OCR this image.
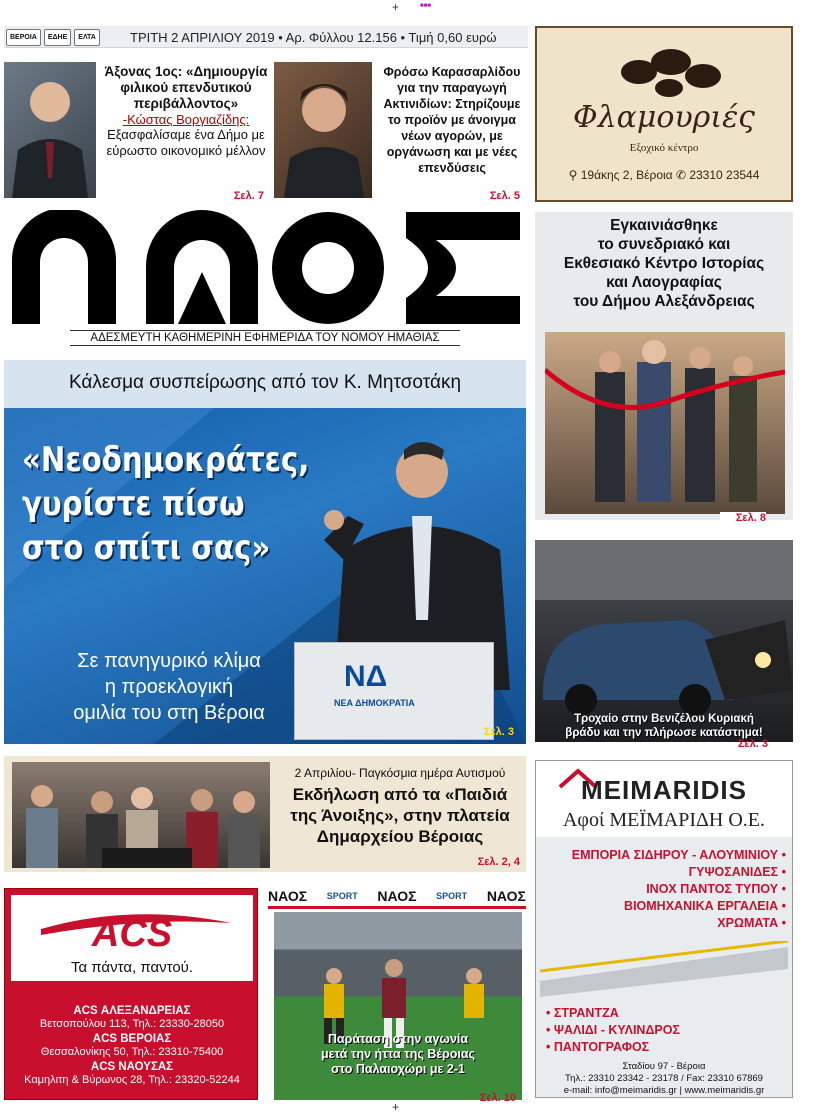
+	■■■
+
ΒΕΡΟΙΑ	ΕΔΗΕ	ΕΛΤΑ	ΤΡΙΤΗ 2 ΑΠΡΙΛΙΟΥ 2019 • Αρ. Φύλλου 12.156 • Τιμή 0,60 ευρώ
Άξονας 1ος: «Δημιουργία φιλικού επενδυτικού περιβάλλοντος»
-Κώστας Βοργιαζίδης:
Εξασφαλίσαμε ένα Δήμο με εύρωστο οικονομικό μέλλον
Σελ. 7
Φρόσω Καρασαρλίδου για την παραγωγή Ακτινιδίων: Στηρίζουμε το προϊόν με άνοιγμα νέων αγορών, με οργάνωση και με νέες επενδύσεις
Σελ. 5
ΑΔΕΣΜΕΥΤΗ ΚΑΘΗΜΕΡΙΝΗ ΕΦΗΜΕΡΙΔΑ ΤΟΥ ΝΟΜΟΥ ΗΜΑΘΙΑΣ
Κάλεσμα συσπείρωσης από τον Κ. Μητσοτάκη
«Νεοδημοκράτες,
γυρίστε πίσω
στο σπίτι σας»
ΝΔ
ΝΕΑ ΔΗΜΟΚΡΑΤΙΑ
Σε πανηγυρικό κλίμα
η προεκλογική
ομιλία του στη Βέροια
Σελ. 3
Φλαμουριές
Εξοχικό κέντρο
⚲ 19άκης 2, Βέροια ✆ 23310 23544
Εγκαινιάσθηκε
το συνεδριακό και
Εκθεσιακό Κέντρο Ιστορίας
και Λαογραφίας
του Δήμου Αλεξάνδρειας
Σελ. 8
Τροχαίο στην Βενιζέλου Κυριακή
βράδυ και την πλήρωσε κατάστημα!
Σελ. 3
MEIMARIDIS
Αφοί ΜΕΪΜΑΡΙΔΗ Ο.Ε.
ΕΜΠΟΡΙΑ ΣΙΔΗΡΟΥ - ΑΛΟΥΜΙΝΙΟΥ •
ΓΥΨΟΣΑΝΙΔΕΣ •
ΙΝΟΧ ΠΑΝΤΟΣ ΤΥΠΟΥ •
ΒΙΟΜΗΧΑΝΙΚΑ ΕΡΓΑΛΕΙΑ •
ΧΡΩΜΑΤΑ •
• ΣΤΡΑΝΤΖΑ
• ΨΑΛΙΔΙ - ΚΥΛΙΝΔΡΟΣ
• ΠΑΝΤΟΓΡΑΦΟΣ
Σταδίου 97 - Βέροια
Τηλ.: 23310 23342 - 23178 / Fax: 23310 67869
e-mail: info@meimaridis.gr | www.meimaridis.gr
2 Απριλίου- Παγκόσμια ημέρα Αυτισμού
Εκδήλωση από τα «Παιδιά
της Άνοιξης», στην πλατεία
Δημαρχείου Βέροιας
Σελ. 2, 4
ACS
Τα πάντα, παντού.
ACS ΑΛΕΞΑΝΔΡΕΙΑΣ
Βετσοπούλου 113, Τηλ.: 23330-28050
ACS ΒΕΡΟΙΑΣ
Θεσσαλονίκης 50, Τηλ.: 23310-75400
ACS ΝΑΟΥΣΑΣ
Καμηλιτη & Βύρωνος 28, Τηλ.: 23320-52244
ΝΑΟΣ SPORT ΝΑΟΣ SPORT ΝΑΟΣ
Παράταση στην αγωνία
μετά την ήττα της Βέροιας
στο Παλαιοχώρι με 2-1
Σελ. 10
